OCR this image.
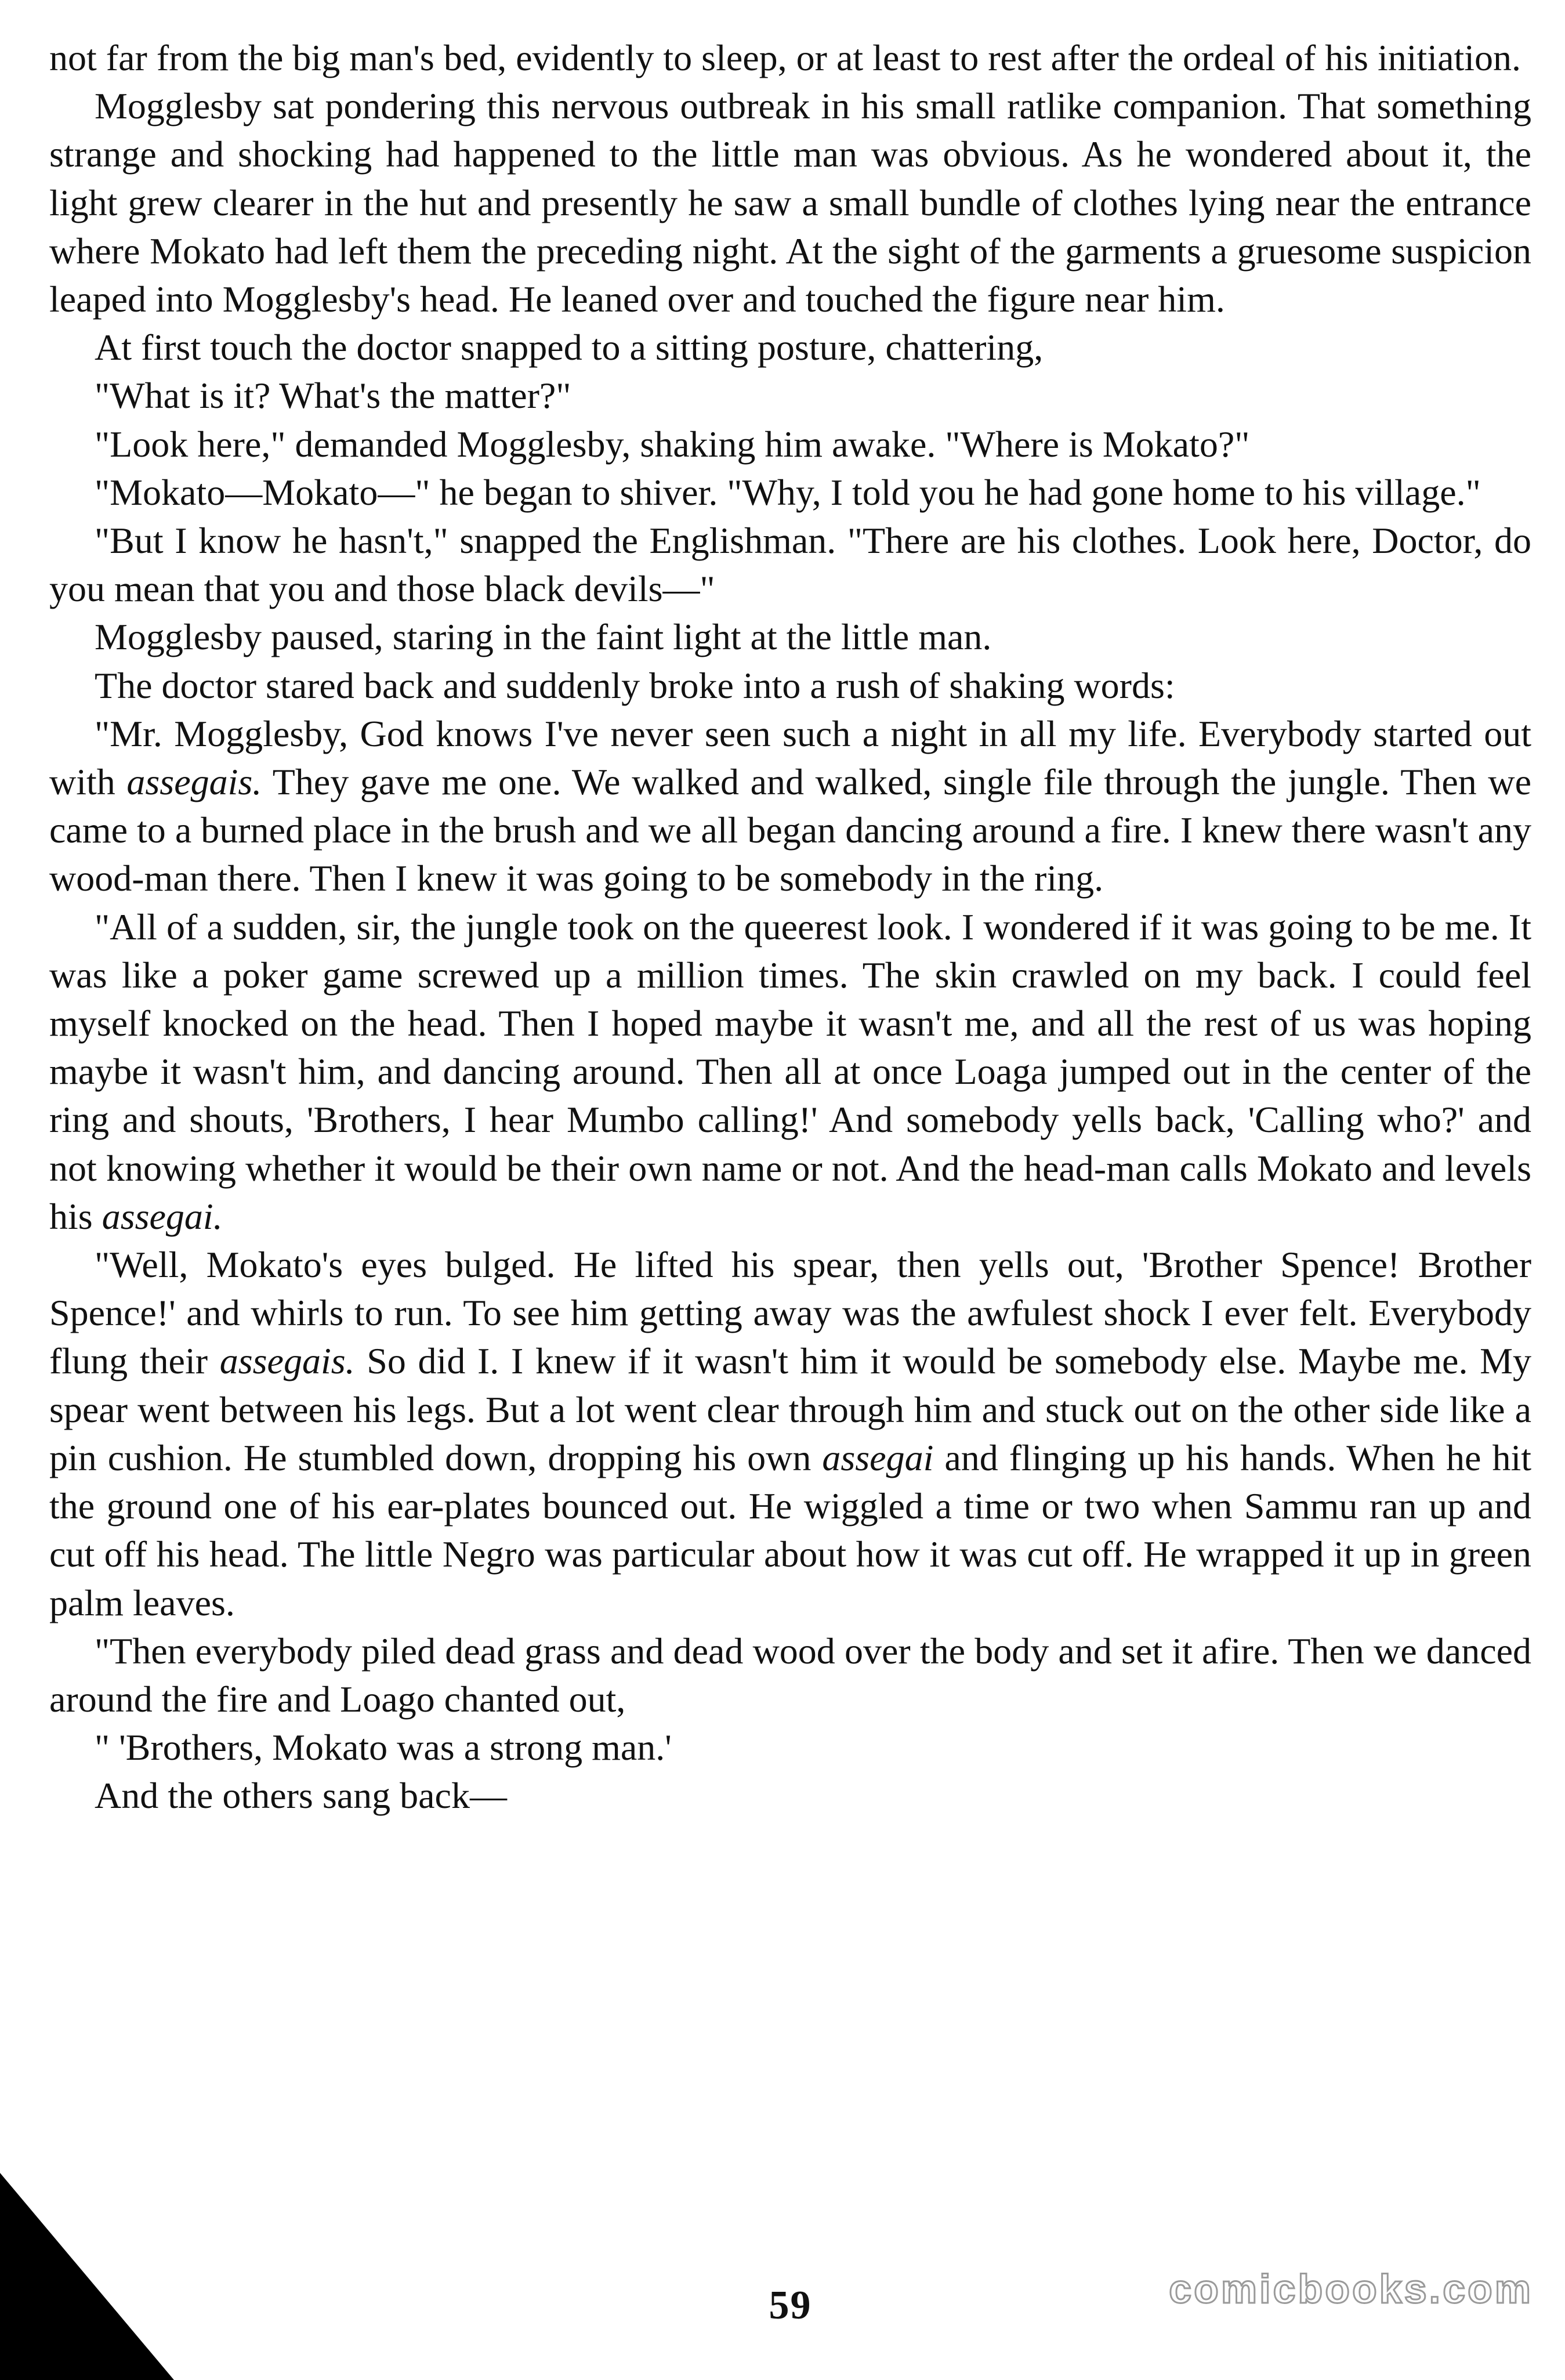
not far from the big man's bed, evidently to sleep, or at least to rest after the ordeal of his initiation.

Mogglesby sat pondering this nervous outbreak in his small ratlike companion. That something strange and shocking had happened to the little man was obvious. As he wondered about it, the light grew clearer in the hut and presently he saw a small bundle of clothes lying near the entrance where Mokato had left them the preceding night. At the sight of the garments a gruesome suspicion leaped into Mogglesby's head. He leaned over and touched the figure near him.

At first touch the doctor snapped to a sitting posture, chattering,

"What is it? What's the matter?"

"Look here," demanded Mogglesby, shaking him awake. "Where is Mokato?"

"Mokato—Mokato—" he began to shiver. "Why, I told you he had gone home to his village."

"But I know he hasn't," snapped the Englishman. "There are his clothes. Look here, Doctor, do you mean that you and those black devils—"

Mogglesby paused, staring in the faint light at the little man.

The doctor stared back and suddenly broke into a rush of shaking words:

"Mr. Mogglesby, God knows I've never seen such a night in all my life. Everybody started out with assegais. They gave me one. We walked and walked, single file through the jungle. Then we came to a burned place in the brush and we all began dancing around a fire. I knew there wasn't any wood-man there. Then I knew it was going to be somebody in the ring.

"All of a sudden, sir, the jungle took on the queerest look. I wondered if it was going to be me. It was like a poker game screwed up a million times. The skin crawled on my back. I could feel myself knocked on the head. Then I hoped maybe it wasn't me, and all the rest of us was hoping maybe it wasn't him, and dancing around. Then all at once Loaga jumped out in the center of the ring and shouts, 'Brothers, I hear Mumbo calling!' And somebody yells back, 'Calling who?' and not knowing whether it would be their own name or not. And the head-man calls Mokato and levels his assegai.

"Well, Mokato's eyes bulged. He lifted his spear, then yells out, 'Brother Spence! Brother Spence!' and whirls to run. To see him getting away was the awfulest shock I ever felt. Everybody flung their assegais. So did I. I knew if it wasn't him it would be somebody else. Maybe me. My spear went between his legs. But a lot went clear through him and stuck out on the other side like a pin cushion. He stumbled down, dropping his own assegai and flinging up his hands. When he hit the ground one of his ear-plates bounced out. He wiggled a time or two when Sammu ran up and cut off his head. The little Negro was particular about how it was cut off. He wrapped it up in green palm leaves.

"Then everybody piled dead grass and dead wood over the body and set it afire. Then we danced around the fire and Loago chanted out,

" 'Brothers, Mokato was a strong man.'

And the others sang back—

59	comicbooks.com
